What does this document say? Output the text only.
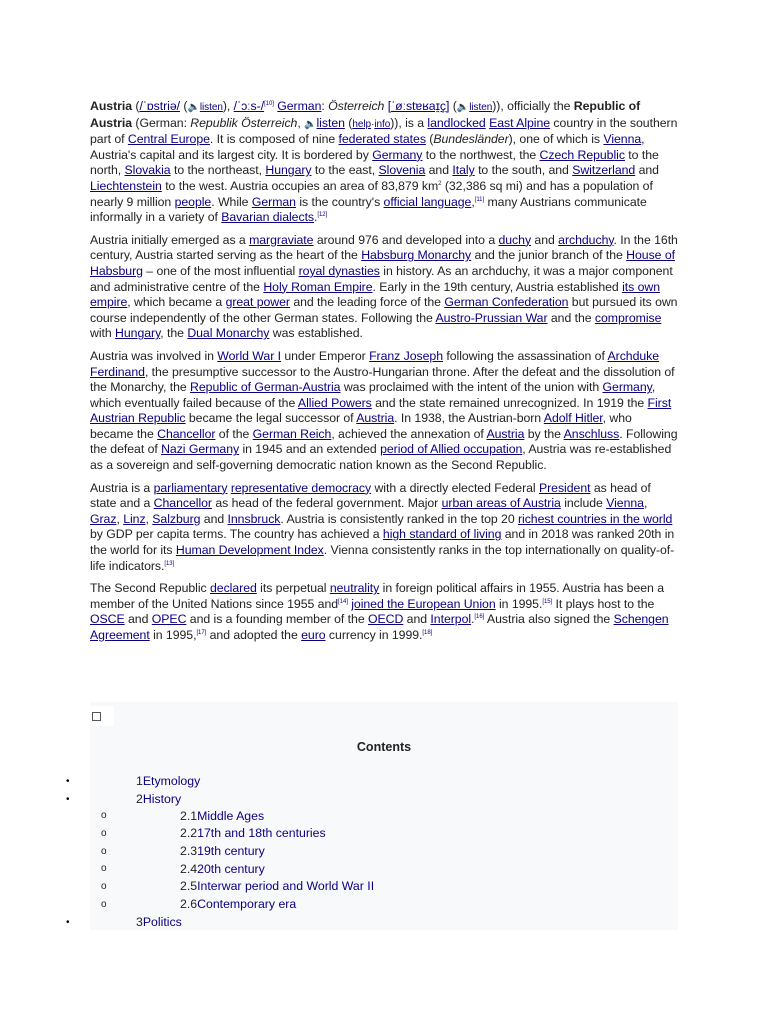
Austria (/ˈɒstriə/ (🔈listen), /ˈɔːs-/[10] German: Österreich [ˈøːstɐʁaɪ̯ç] (🔈listen)), officially the Republic of Austria (German: Republik Österreich, 🔈listen (help·info)), is a landlocked East Alpine country in the southern part of Central Europe. It is composed of nine federated states (Bundesländer), one of which is Vienna, Austria's capital and its largest city. It is bordered by Germany to the northwest, the Czech Republic to the north, Slovakia to the northeast, Hungary to the east, Slovenia and Italy to the south, and Switzerland and Liechtenstein to the west. Austria occupies an area of 83,879 km$^2$ (32,386 sq mi) and has a population of nearly 9 million people. While German is the country's official language,[11] many Austrians communicate informally in a variety of Bavarian dialects.[12]

Austria initially emerged as a margraviate around 976 and developed into a duchy and archduchy. In the 16th century, Austria started serving as the heart of the Habsburg Monarchy and the junior branch of the House of Habsburg – one of the most influential royal dynasties in history. As an archduchy, it was a major component and administrative centre of the Holy Roman Empire. Early in the 19th century, Austria established its own empire, which became a great power and the leading force of the German Confederation but pursued its own course independently of the other German states. Following the Austro-Prussian War and the compromise with Hungary, the Dual Monarchy was established.

Austria was involved in World War I under Emperor Franz Joseph following the assassination of Archduke Ferdinand, the presumptive successor to the Austro-Hungarian throne. After the defeat and the dissolution of the Monarchy, the Republic of German-Austria was proclaimed with the intent of the union with Germany, which eventually failed because of the Allied Powers and the state remained unrecognized. In 1919 the First Austrian Republic became the legal successor of Austria. In 1938, the Austrian-born Adolf Hitler, who became the Chancellor of the German Reich, achieved the annexation of Austria by the Anschluss. Following the defeat of Nazi Germany in 1945 and an extended period of Allied occupation, Austria was re-established as a sovereign and self-governing democratic nation known as the Second Republic.

Austria is a parliamentary representative democracy with a directly elected Federal President as head of state and a Chancellor as head of the federal government. Major urban areas of Austria include Vienna, Graz, Linz, Salzburg and Innsbruck. Austria is consistently ranked in the top 20 richest countries in the world by GDP per capita terms. The country has achieved a high standard of living and in 2018 was ranked 20th in the world for its Human Development Index. Vienna consistently ranks in the top internationally on quality-of-life indicators.[13]

The Second Republic declared its perpetual neutrality in foreign political affairs in 1955. Austria has been a member of the United Nations since 1955 and[14] joined the European Union in 1995.[15] It plays host to the OSCE and OPEC and is a founding member of the OECD and Interpol.[16] Austria also signed the Schengen Agreement in 1995,[17] and adopted the euro currency in 1999.[18]

Contents
•	1Etymology
•	2History
o	2.1Middle Ages
o	2.217th and 18th centuries
o	2.319th century
o	2.420th century
o	2.5Interwar period and World War II
o	2.6Contemporary era
•	3Politics
